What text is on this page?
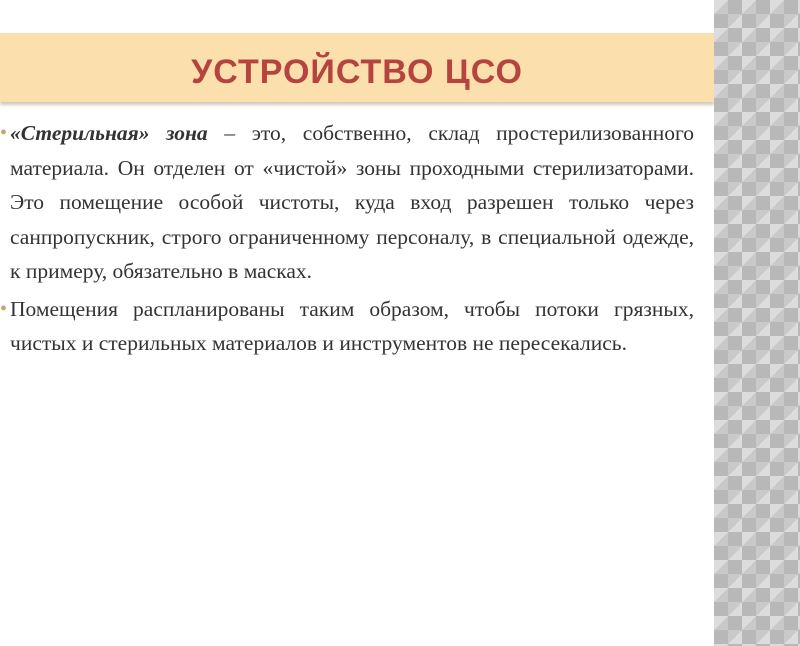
УСТРОЙСТВО ЦСО

• «Стерильная» зона – это, собственно, склад простерилизованного материала. Он отделен от «чистой» зоны проходными стерилизаторами. Это помещение особой чистоты, куда вход разрешен только через санпропускник, строго ограниченному персоналу, в специальной одежде, к примеру, обязательно в масках.

• Помещения распланированы таким образом, чтобы потоки грязных, чистых и стерильных материалов и инструментов не пересекались.
